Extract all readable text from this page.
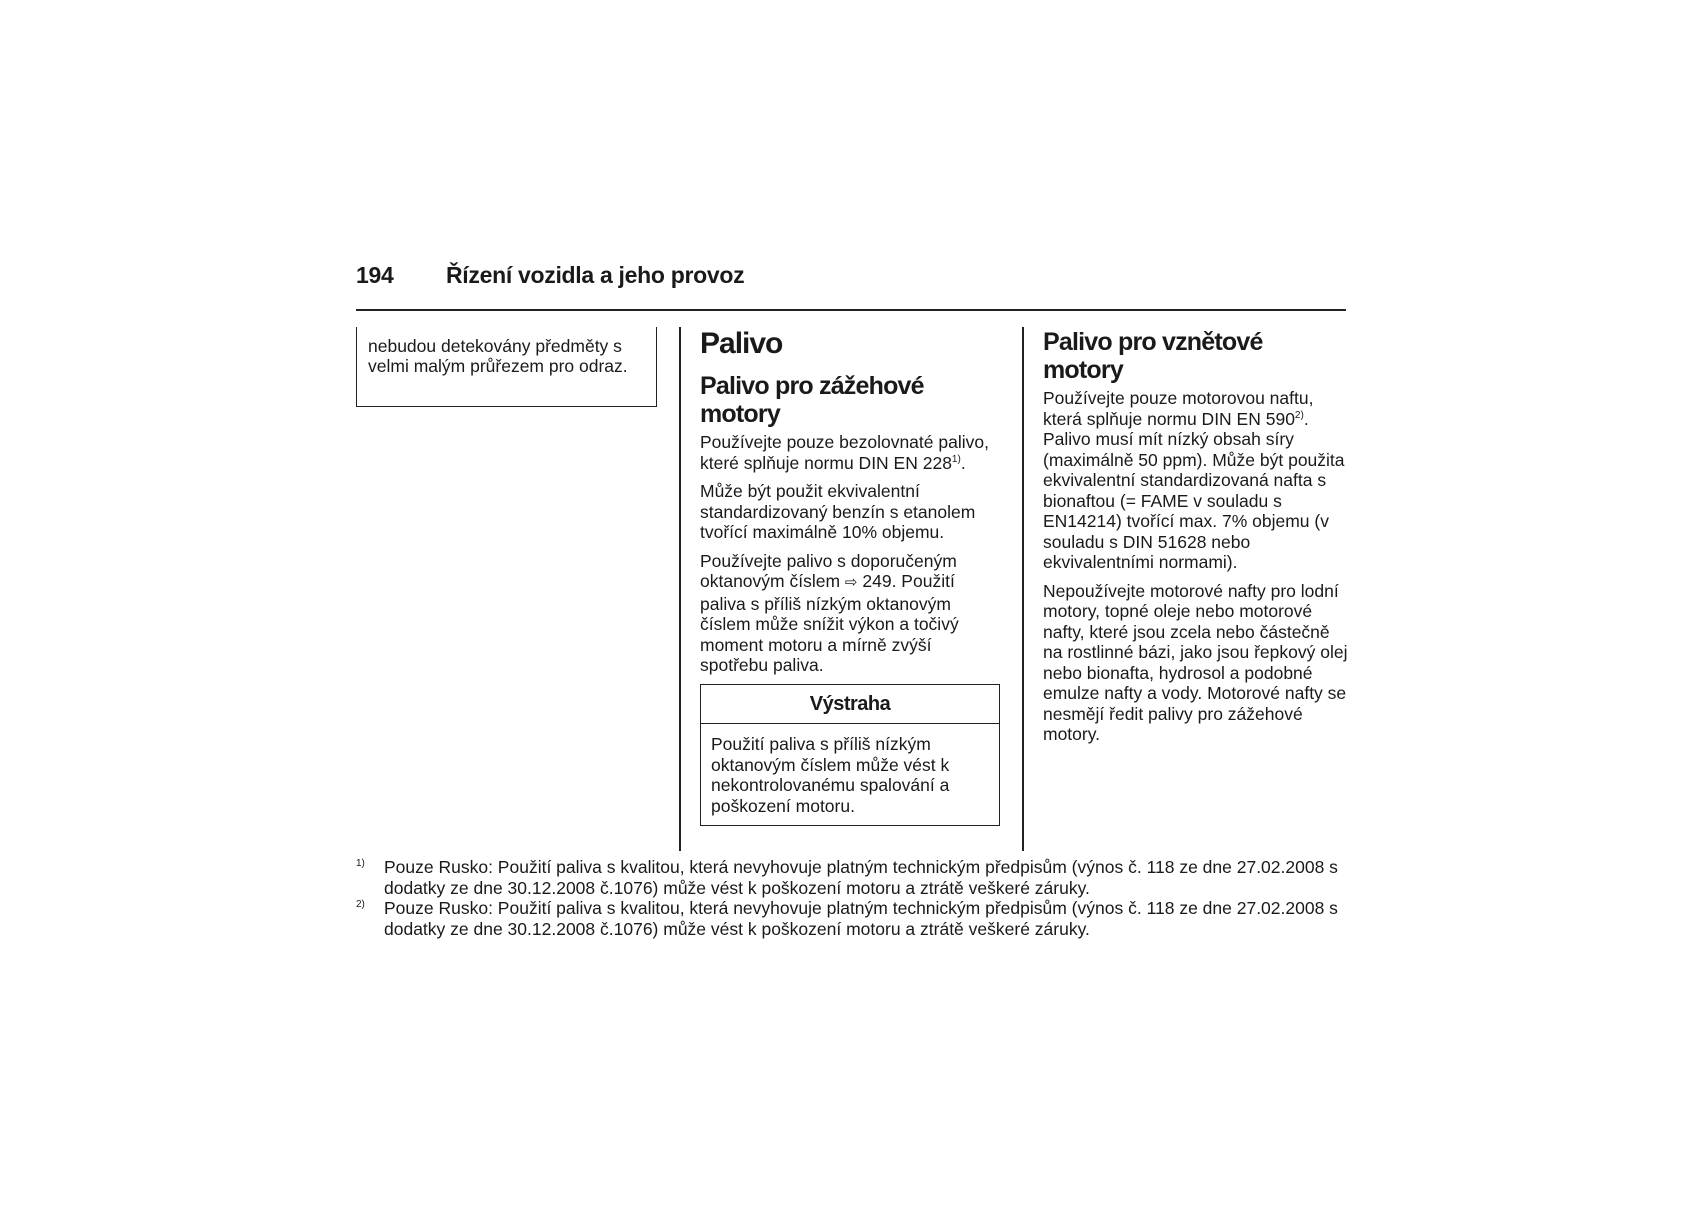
194 Řízení vozidla a jeho provoz
nebudou detekovány předměty s velmi malým průřezem pro odraz.
Palivo
Palivo pro zážehové motory

Používejte pouze bezolovnaté palivo, které splňuje normu DIN EN 228$^{1)}$.

Může být použit ekvivalentní standardizovaný benzín s etanolem tvořící maximálně 10% objemu.

Používejte palivo s doporučeným oktanovým číslem ⇨ 249. Použití paliva s příliš nízkým oktanovým číslem může snížit výkon a točivý moment motoru a mírně zvýší spotřebu paliva.

Výstraha
Použití paliva s příliš nízkým oktanovým číslem může vést k nekontrolovanému spalování a poškození motoru.
Palivo pro vznětové motory

Používejte pouze motorovou naftu, která splňuje normu DIN EN 590$^{2)}$. Palivo musí mít nízký obsah síry (maximálně 50 ppm). Může být použita ekvivalentní standardizovaná nafta s bionaftou (= FAME v souladu s EN14214) tvořící max. 7% objemu (v souladu s DIN 51628 nebo ekvivalentními normami).

Nepoužívejte motorové nafty pro lodní motory, topné oleje nebo motorové nafty, které jsou zcela nebo částečně na rostlinné bázi, jako jsou řepkový olej nebo bionafta, hydrosol a podobné emulze nafty a vody. Motorové nafty se nesmějí ředit palivy pro zážehové motory.

1) Pouze Rusko: Použití paliva s kvalitou, která nevyhovuje platným technickým předpisům (výnos č. 118 ze dne 27.02.2008 s dodatky ze dne 30.12.2008 č.1076) může vést k poškození motoru a ztrátě veškeré záruky.

2) Pouze Rusko: Použití paliva s kvalitou, která nevyhovuje platným technickým předpisům (výnos č. 118 ze dne 27.02.2008 s dodatky ze dne 30.12.2008 č.1076) může vést k poškození motoru a ztrátě veškeré záruky.
